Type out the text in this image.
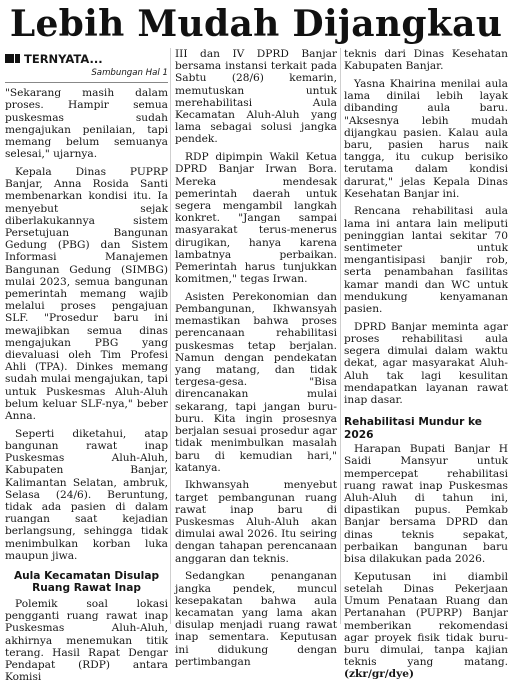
Lebih Mudah Dijangkau
TERNYATA...
Sambungan Hal 1

"Sekarang masih dalam proses. Hampir semua puskesmas sudah mengajukan penilaian, tapi memang belum semuanya selesai," ujarnya.

Kepala Dinas PUPRP Banjar, Anna Rosida Santi membenarkan kondisi itu. Ia menyebut sejak diberlakukannya sistem Persetujuan Bangunan Gedung (PBG) dan Sistem Informasi Manajemen Bangunan Gedung (SIMBG) mulai 2023, semua bangunan pemerintah memang wajib melalui proses pengajuan SLF. "Prosedur baru ini mewajibkan semua dinas mengajukan PBG yang dievaluasi oleh Tim Profesi Ahli (TPA). Dinkes memang sudah mulai mengajukan, tapi untuk Puskesmas Aluh-Aluh belum keluar SLF-nya," beber Anna.

Seperti diketahui, atap bangunan rawat inap Puskesmas Aluh-Aluh, Kabupaten Banjar, Kalimantan Selatan, ambruk, Selasa (24/6). Beruntung, tidak ada pasien di dalam ruangan saat kejadian berlangsung, sehingga tidak menimbulkan korban luka maupun jiwa.

Aula Kecamatan Disulap Ruang Rawat Inap

Polemik soal lokasi pengganti ruang rawat inap Puskesmas Aluh-Aluh, akhirnya menemukan titik terang. Hasil Rapat Dengar Pendapat (RDP) antara Komisi

III dan IV DPRD Banjar bersama instansi terkait pada Sabtu (28/6) kemarin, memutuskan untuk merehabilitasi Aula Kecamatan Aluh-Aluh yang lama sebagai solusi jangka pendek.

RDP dipimpin Wakil Ketua DPRD Banjar Irwan Bora. Mereka mendesak pemerintah daerah untuk segera mengambil langkah konkret. "Jangan sampai masyarakat terus-menerus dirugikan, hanya karena lambatnya perbaikan. Pemerintah harus tunjukkan komitmen," tegas Irwan.

Asisten Perekonomian dan Pembangunan, Ikhwansyah memastikan bahwa proses perencanaan rehabilitasi puskesmas tetap berjalan. Namun dengan pendekatan yang matang, dan tidak tergesa-gesa. "Bisa direncanakan mulai sekarang, tapi jangan buru-buru. Kita ingin prosesnya berjalan sesuai prosedur agar tidak menimbulkan masalah baru di kemudian hari," katanya.

Ikhwansyah menyebut target pembangunan ruang rawat inap baru di Puskesmas Aluh-Aluh akan dimulai awal 2026. Itu seiring dengan tahapan perencanaan anggaran dan teknis.

Sedangkan penanganan jangka pendek, muncul kesepakatan bahwa aula kecamatan yang lama akan disulap menjadi ruang rawat inap sementara. Keputusan ini didukung dengan pertimbangan

teknis dari Dinas Kesehatan Kabupaten Banjar.

Yasna Khairina menilai aula lama dinilai lebih layak dibanding aula baru. "Aksesnya lebih mudah dijangkau pasien. Kalau aula baru, pasien harus naik tangga, itu cukup berisiko terutama dalam kondisi darurat," jelas Kepala Dinas Kesehatan Banjar ini.

Rencana rehabilitasi aula lama ini antara lain meliputi peninggian lantai sekitar 70 sentimeter untuk mengantisipasi banjir rob, serta penambahan fasilitas kamar mandi dan WC untuk mendukung kenyamanan pasien.

DPRD Banjar meminta agar proses rehabilitasi aula segera dimulai dalam waktu dekat, agar masyarakat Aluh-Aluh tak lagi kesulitan mendapatkan layanan rawat inap dasar.

Rehabilitasi Mundur ke 2026

Harapan Bupati Banjar H Saidi Mansyur untuk mempercepat rehabilitasi ruang rawat inap Puskesmas Aluh-Aluh di tahun ini, dipastikan pupus. Pemkab Banjar bersama DPRD dan dinas teknis sepakat, perbaikan bangunan baru bisa dilakukan pada 2026.

Keputusan ini diambil setelah Dinas Pekerjaan Umum Penataan Ruang dan Pertanahan (PUPRP) Banjar memberikan rekomendasi agar proyek fisik tidak buru-buru dimulai, tanpa kajian teknis yang matang. (zkr/gr/dye)
